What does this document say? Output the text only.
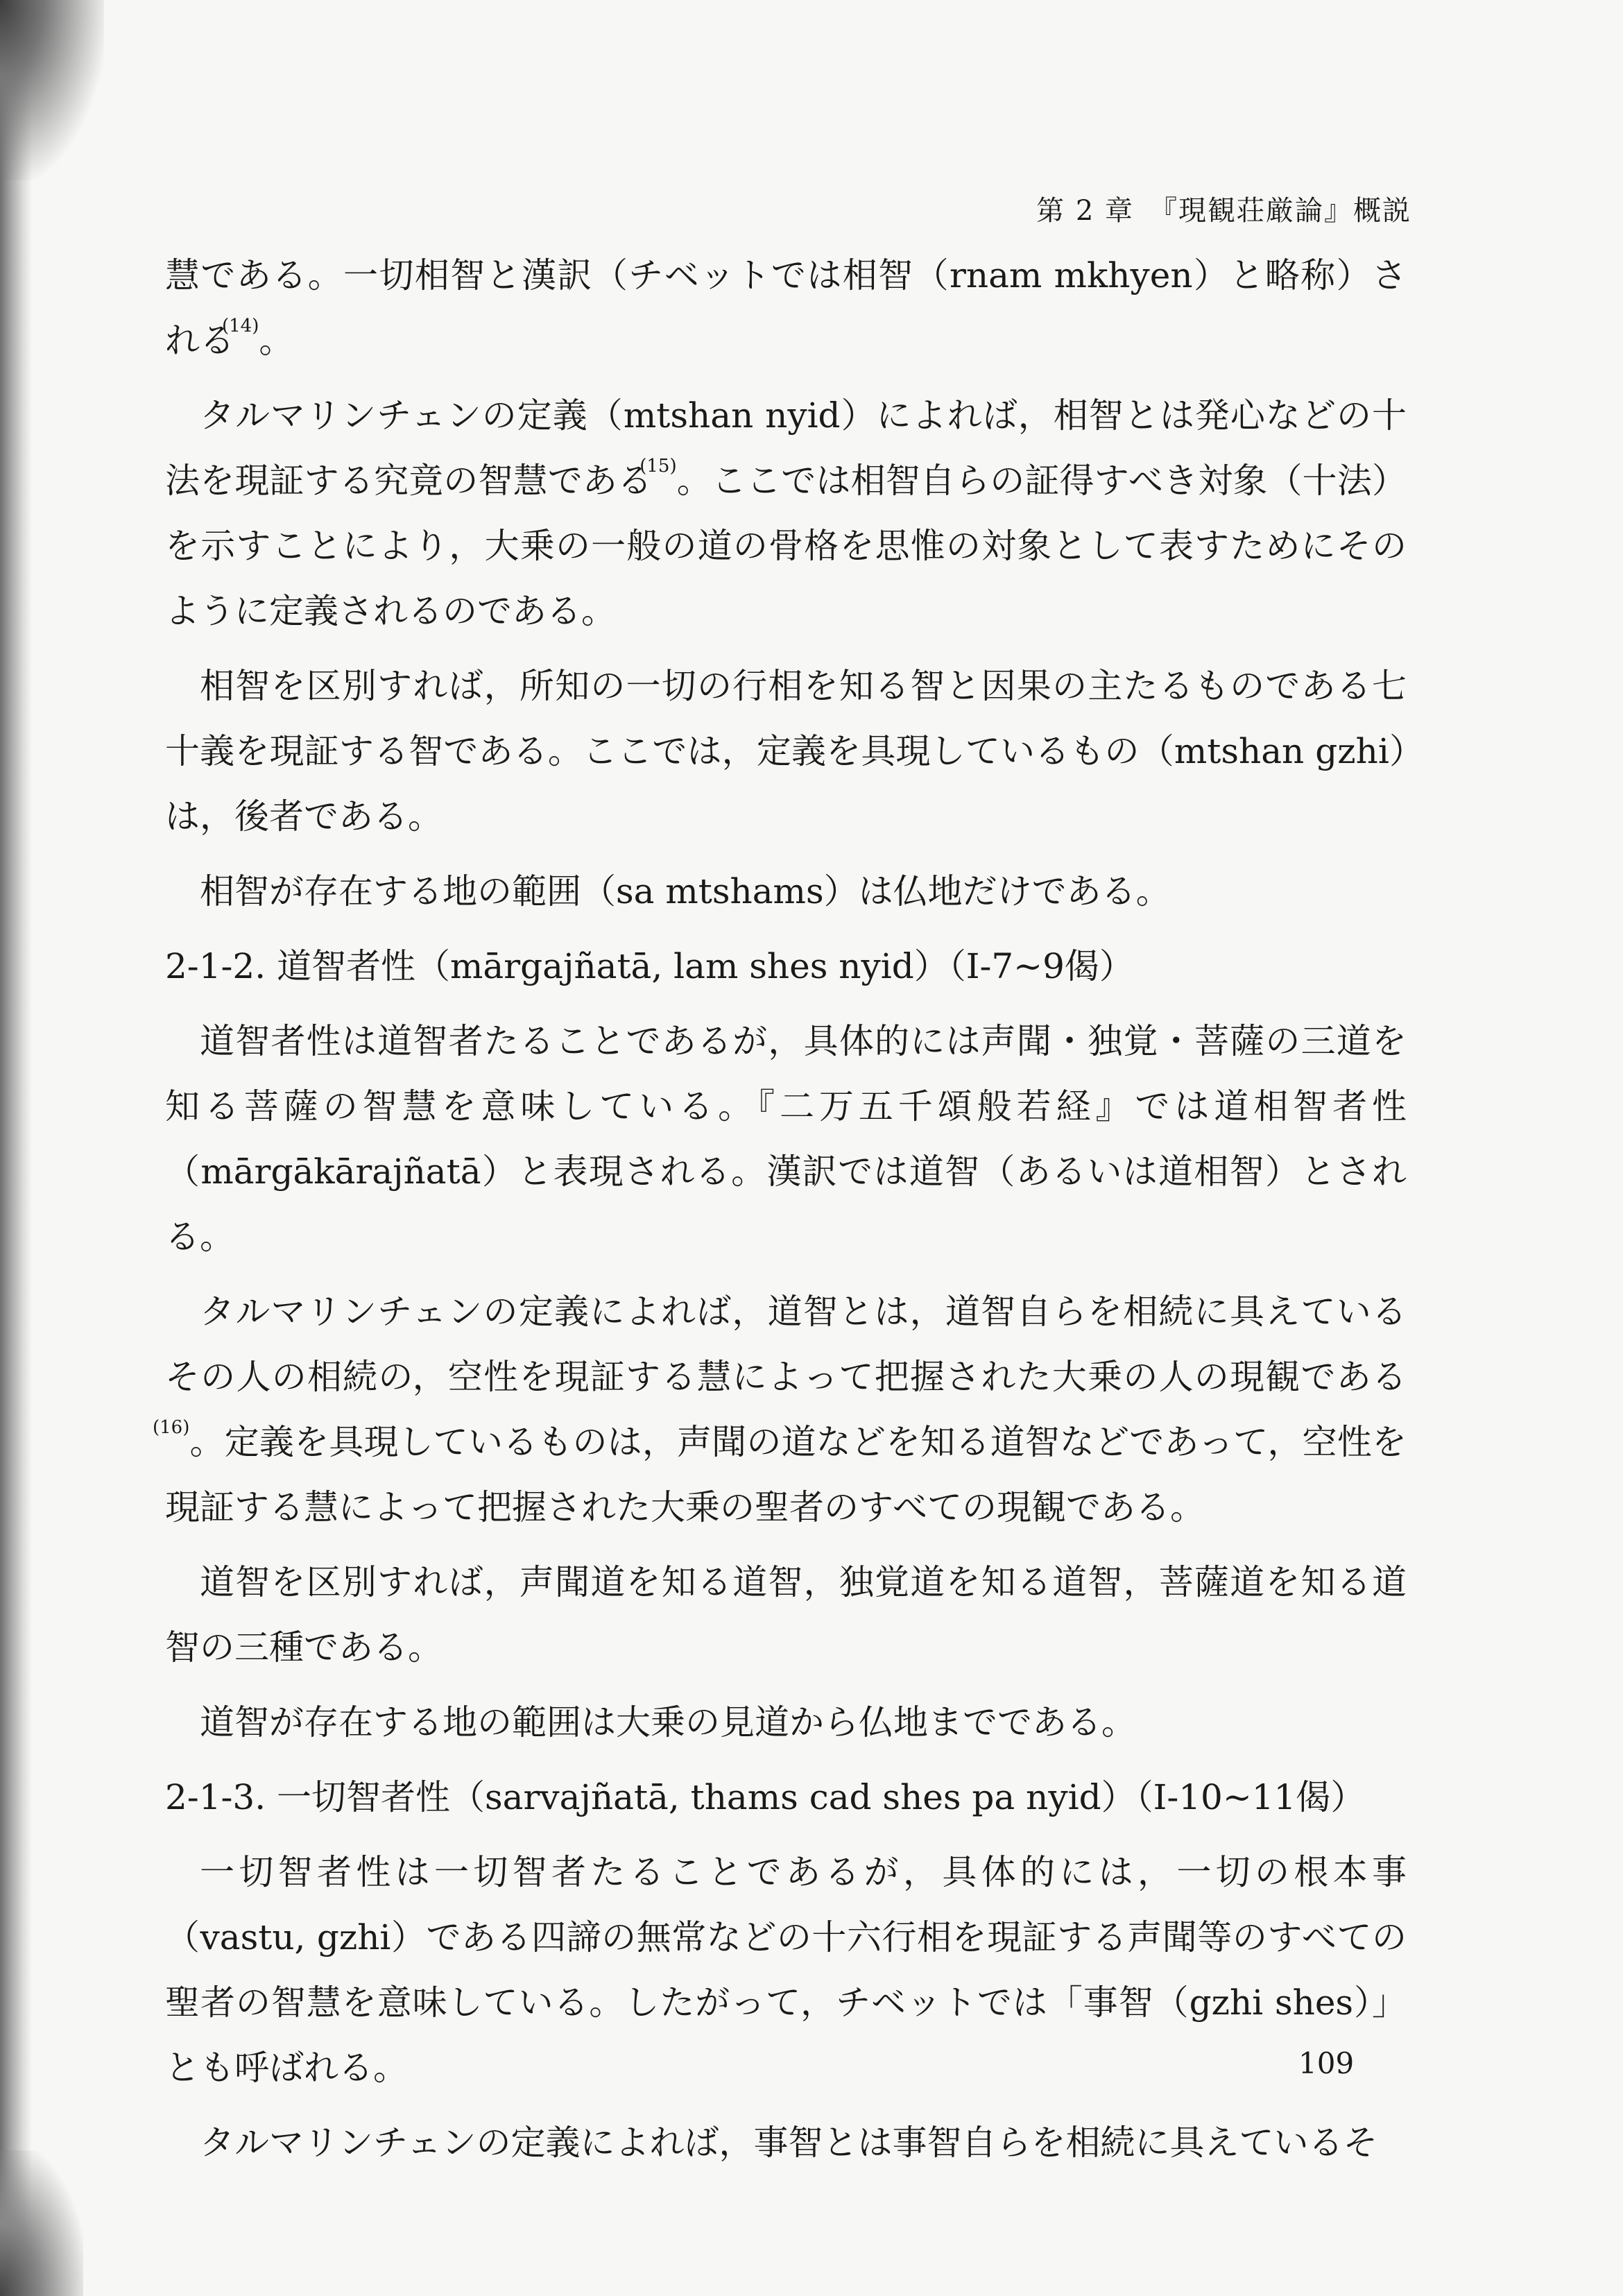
第 2 章　『現観荘厳論』概説

慧である。一切相智と漢訳（チベットでは相智（rnam mkhyen）と略称）される$^{(14)}$。

タルマリンチェンの定義（mtshan nyid）によれば，相智とは発心などの十法を現証する究竟の智慧である$^{(15)}$。ここでは相智自らの証得すべき対象（十法）を示すことにより，大乗の一般の道の骨格を思惟の対象として表すためにそのように定義されるのである。

相智を区別すれば，所知の一切の行相を知る智と因果の主たるものである七十義を現証する智である。ここでは，定義を具現しているもの（mtshan gzhi）は，後者である。

相智が存在する地の範囲（sa mtshams）は仏地だけである。

2-1-2. 道智者性（mārgajñatā, lam shes nyid）（I-7~9偈）

道智者性は道智者たることであるが，具体的には声聞・独覚・菩薩の三道を知る菩薩の智慧を意味している。『二万五千頌般若経』では道相智者性（mārgākārajñatā）と表現される。漢訳では道智（あるいは道相智）とされる。

タルマリンチェンの定義によれば，道智とは，道智自らを相続に具えているその人の相続の，空性を現証する慧によって把握された大乗の人の現観である$^{(16)}$。定義を具現しているものは，声聞の道などを知る道智などであって，空性を現証する慧によって把握された大乗の聖者のすべての現観である。

道智を区別すれば，声聞道を知る道智，独覚道を知る道智，菩薩道を知る道智の三種である。

道智が存在する地の範囲は大乗の見道から仏地までである。

2-1-3. 一切智者性（sarvajñatā, thams cad shes pa nyid）（I-10~11偈）

一切智者性は一切智者たることであるが，具体的には，一切の根本事（vastu, gzhi）である四諦の無常などの十六行相を現証する声聞等のすべての聖者の智慧を意味している。したがって，チベットでは「事智（gzhi shes）」とも呼ばれる。

タルマリンチェンの定義によれば，事智とは事智自らを相続に具えているそ

109
